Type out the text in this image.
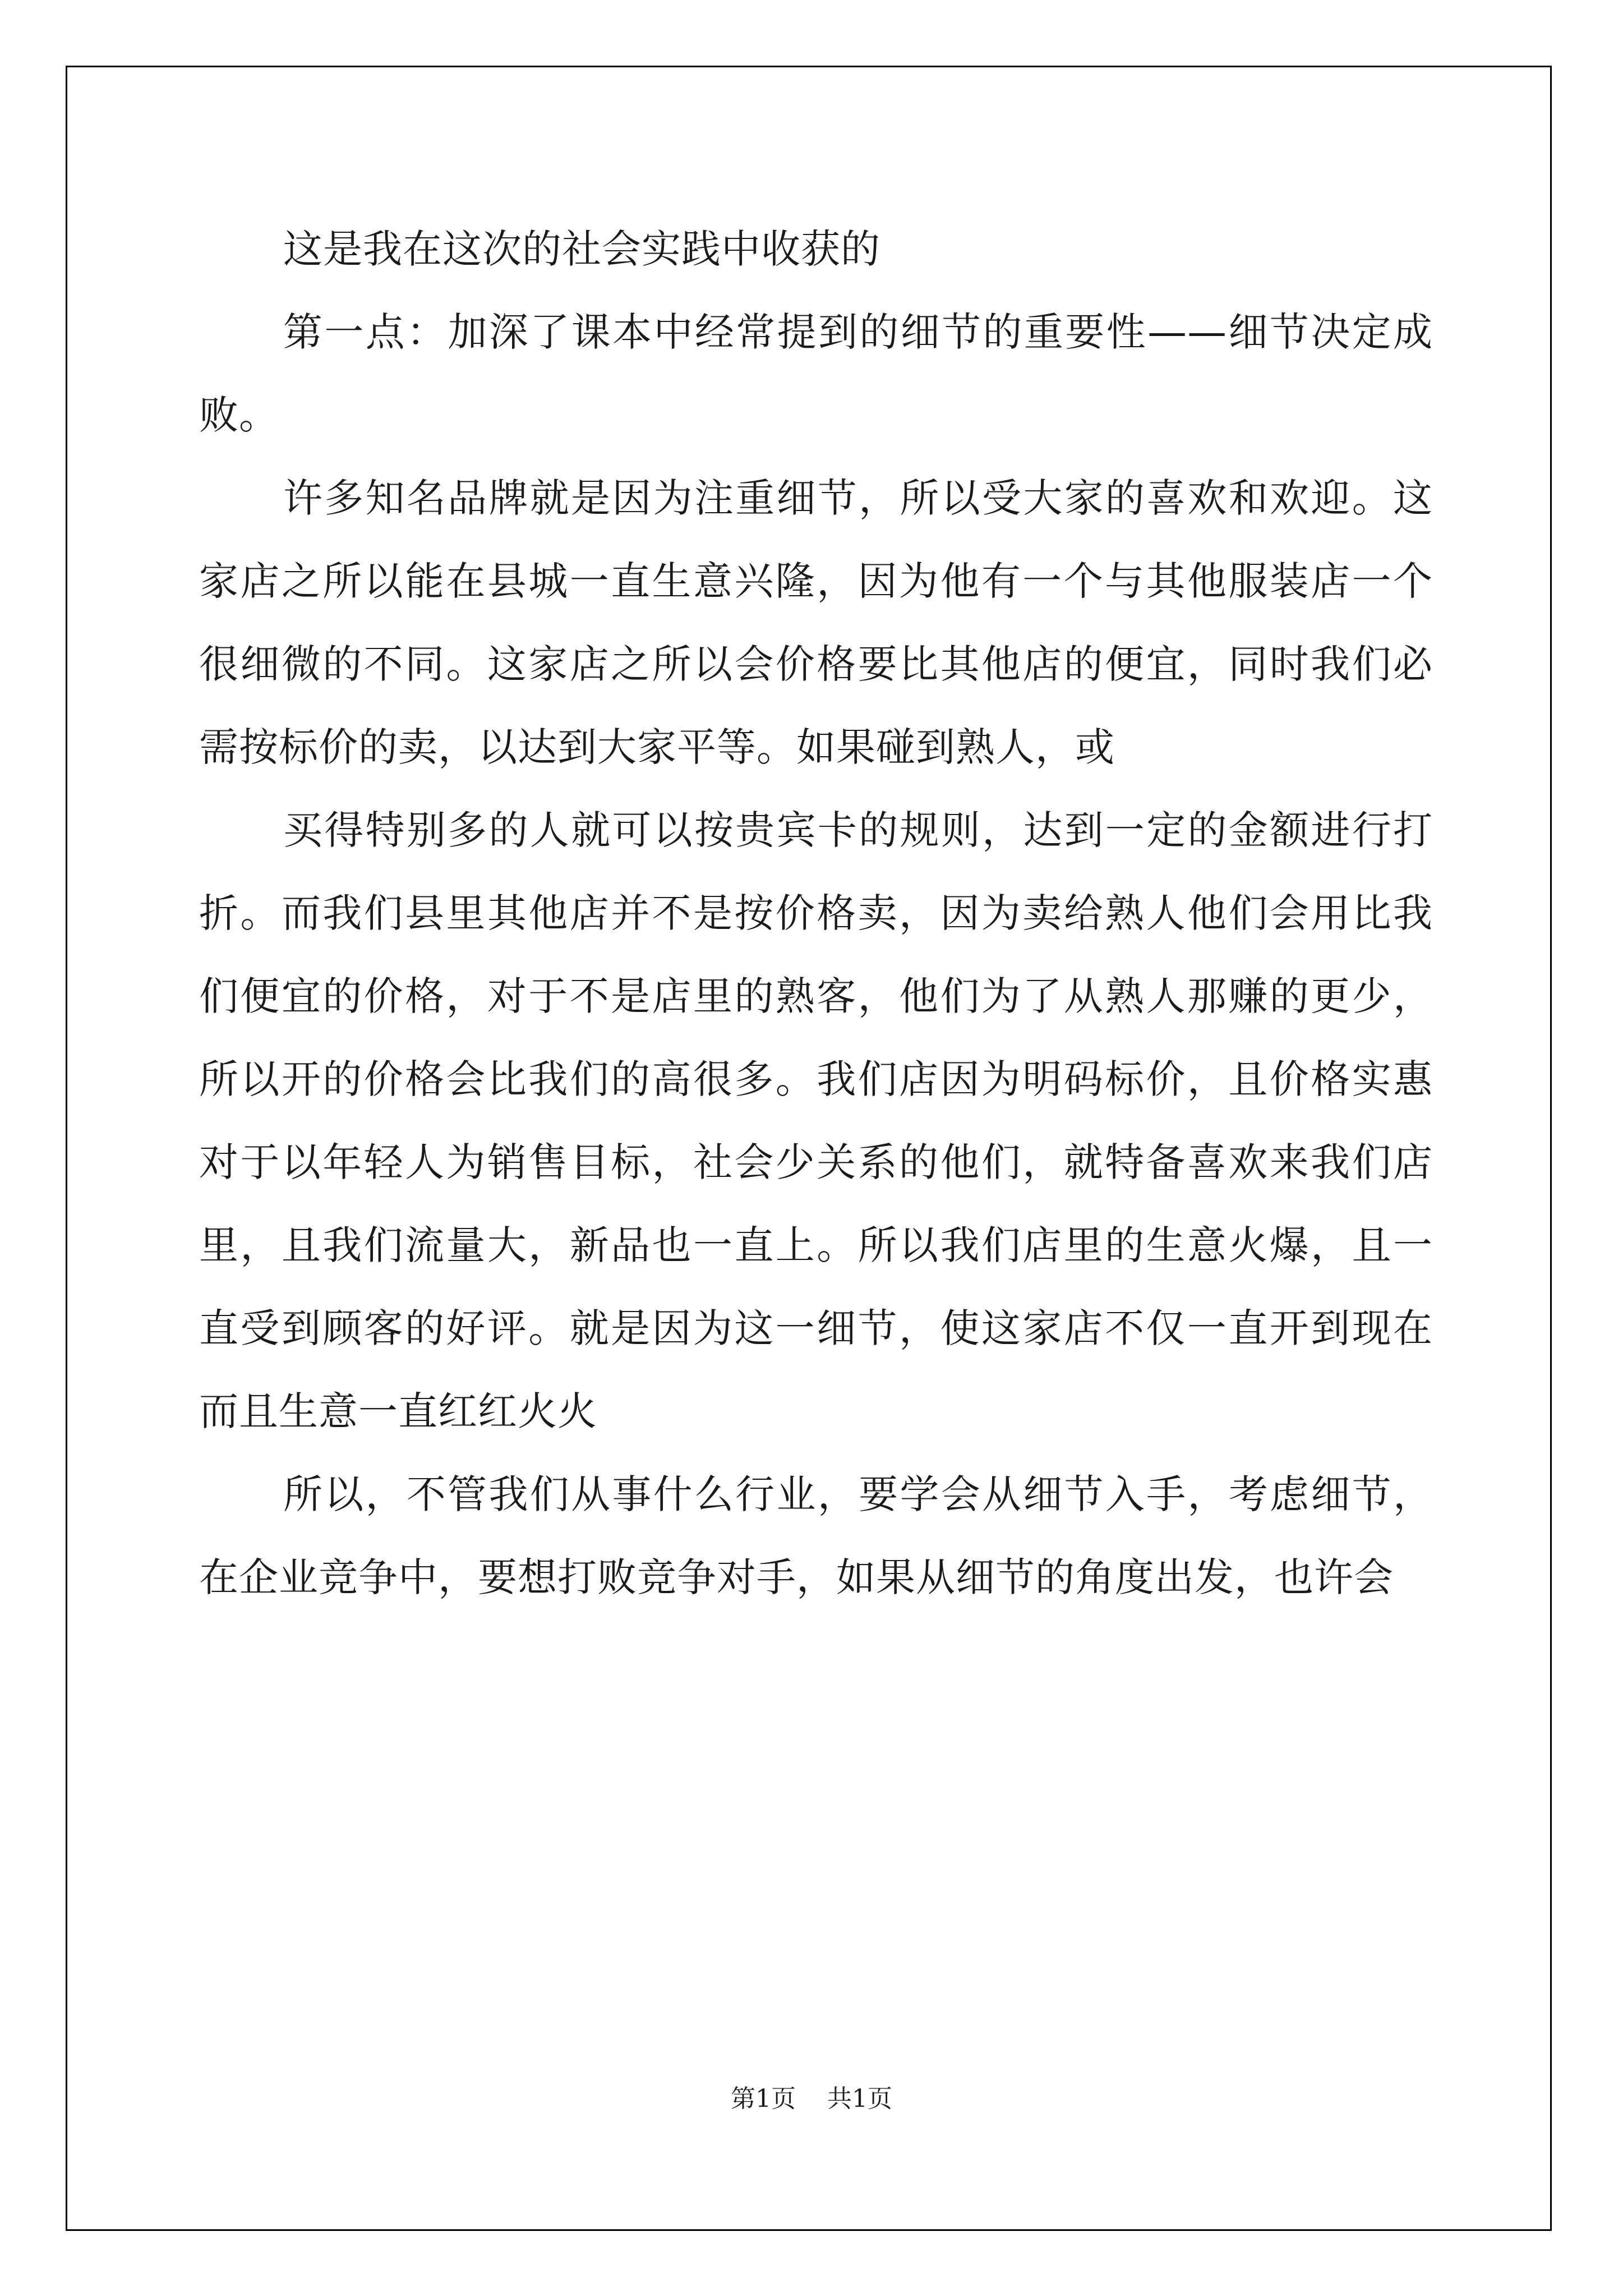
这是我在这次的社会实践中收获的

第一点：加深了课本中经常提到的细节的重要性——细节决定成败。

许多知名品牌就是因为注重细节，所以受大家的喜欢和欢迎。这家店之所以能在县城一直生意兴隆，因为他有一个与其他服装店一个很细微的不同。这家店之所以会价格要比其他店的便宜，同时我们必需按标价的卖，以达到大家平等。如果碰到熟人，或

买得特别多的人就可以按贵宾卡的规则，达到一定的金额进行打折。而我们县里其他店并不是按价格卖，因为卖给熟人他们会用比我们便宜的价格，对于不是店里的熟客，他们为了从熟人那赚的更少，所以开的价格会比我们的高很多。我们店因为明码标价，且价格实惠对于以年轻人为销售目标，社会少关系的他们，就特备喜欢来我们店里，且我们流量大，新品也一直上。所以我们店里的生意火爆，且一直受到顾客的好评。就是因为这一细节，使这家店不仅一直开到现在而且生意一直红红火火

所以，不管我们从事什么行业，要学会从细节入手，考虑细节，在企业竞争中，要想打败竞争对手，如果从细节的角度出发，也许会

第1页 共1页
